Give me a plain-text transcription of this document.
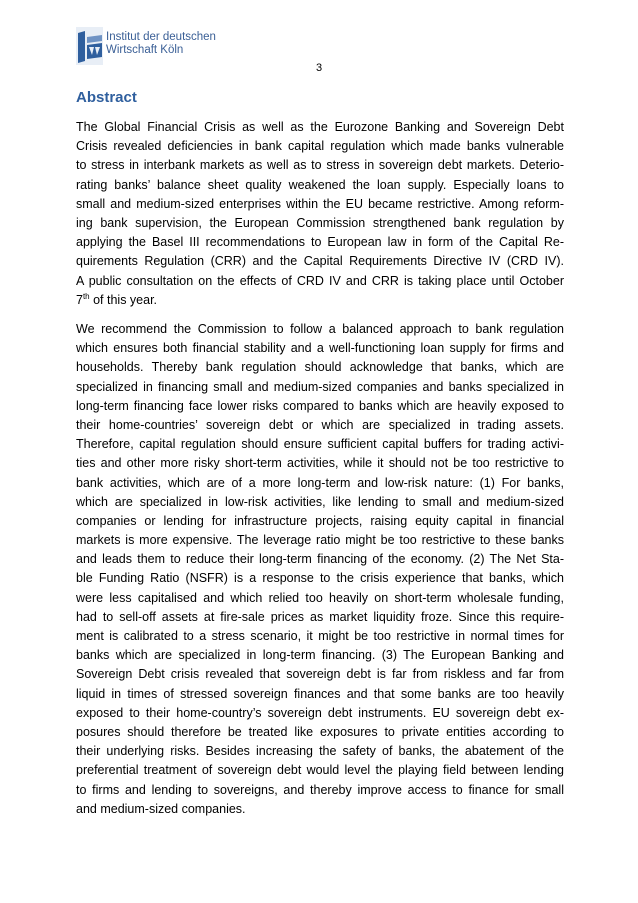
Institut der deutschen
Wirtschaft Köln
3
Abstract
The Global Financial Crisis as well as the Eurozone Banking and Sovereign Debt
Crisis revealed deficiencies in bank capital regulation which made banks vulnerable
to stress in interbank markets as well as to stress in sovereign debt markets. Deterio-
rating banks’ balance sheet quality weakened the loan supply. Especially loans to
small and medium-sized enterprises within the EU became restrictive. Among reform-
ing bank supervision, the European Commission strengthened bank regulation by
applying the Basel III recommendations to European law in form of the Capital Re-
quirements Regulation (CRR) and the Capital Requirements Directive IV (CRD IV).
A public consultation on the effects of CRD IV and CRR is taking place until October
7th of this year.
We recommend the Commission to follow a balanced approach to bank regulation
which ensures both financial stability and a well-functioning loan supply for firms and
households. Thereby bank regulation should acknowledge that banks, which are
specialized in financing small and medium-sized companies and banks specialized in
long-term financing face lower risks compared to banks which are heavily exposed to
their home-countries’ sovereign debt or which are specialized in trading assets.
Therefore, capital regulation should ensure sufficient capital buffers for trading activi-
ties and other more risky short-term activities, while it should not be too restrictive to
bank activities, which are of a more long-term and low-risk nature: (1) For banks,
which are specialized in low-risk activities, like lending to small and medium-sized
companies or lending for infrastructure projects, raising equity capital in financial
markets is more expensive. The leverage ratio might be too restrictive to these banks
and leads them to reduce their long-term financing of the economy. (2) The Net Sta-
ble Funding Ratio (NSFR) is a response to the crisis experience that banks, which
were less capitalised and which relied too heavily on short-term wholesale funding,
had to sell-off assets at fire-sale prices as market liquidity froze. Since this require-
ment is calibrated to a stress scenario, it might be too restrictive in normal times for
banks which are specialized in long-term financing. (3) The European Banking and
Sovereign Debt crisis revealed that sovereign debt is far from riskless and far from
liquid in times of stressed sovereign finances and that some banks are too heavily
exposed to their home-country’s sovereign debt instruments. EU sovereign debt ex-
posures should therefore be treated like exposures to private entities according to
their underlying risks. Besides increasing the safety of banks, the abatement of the
preferential treatment of sovereign debt would level the playing field between lending
to firms and lending to sovereigns, and thereby improve access to finance for small
and medium-sized companies.
